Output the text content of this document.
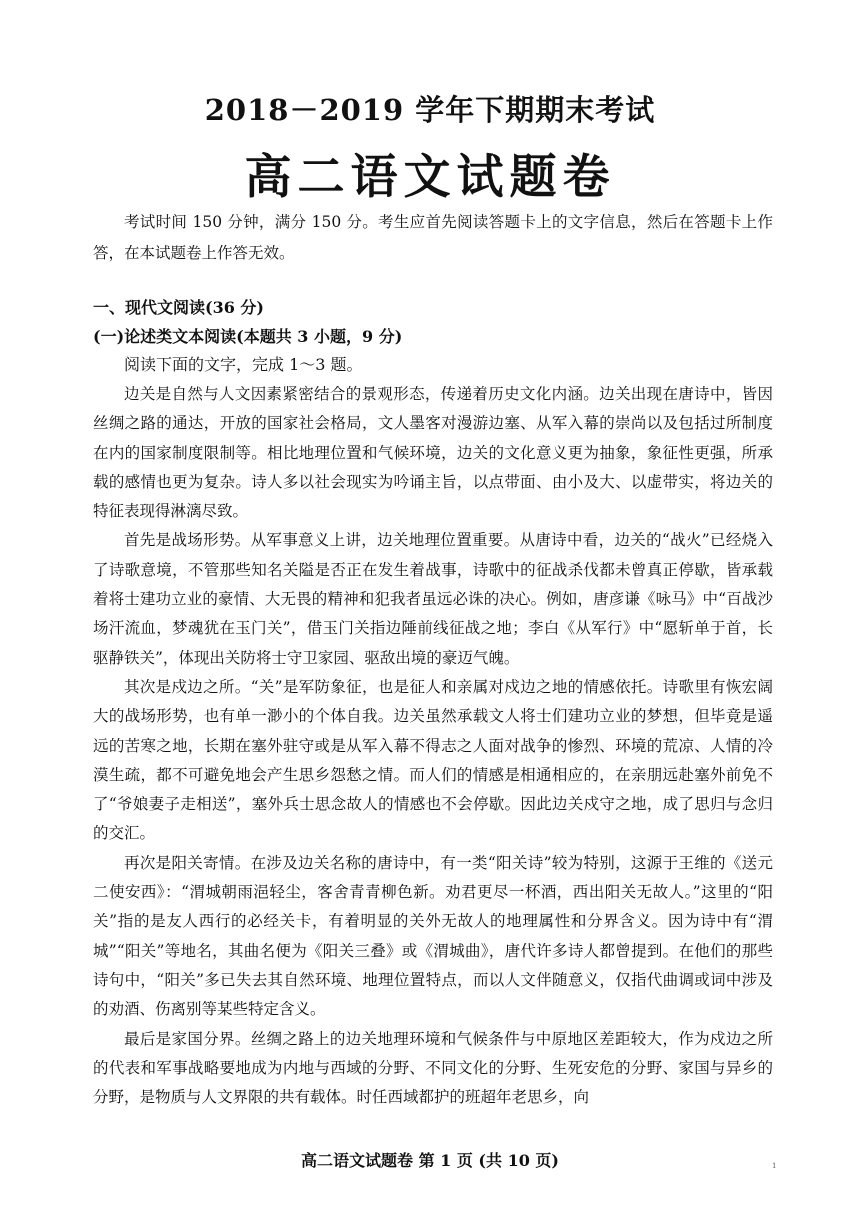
2018－2019 学年下期期末考试
高二语文试题卷
考试时间 150 分钟，满分 150 分。考生应首先阅读答题卡上的文字信息，然后在答题卡上作答，在本试题卷上作答无效。
一、现代文阅读(36 分)
(一)论述类文本阅读(本题共 3 小题，9 分)
阅读下面的文字，完成 1～3 题。

边关是自然与人文因素紧密结合的景观形态，传递着历史文化内涵。边关出现在唐诗中，皆因丝绸之路的通达，开放的国家社会格局，文人墨客对漫游边塞、从军入幕的崇尚以及包括过所制度在内的国家制度限制等。相比地理位置和气候环境，边关的文化意义更为抽象，象征性更强，所承载的感情也更为复杂。诗人多以社会现实为吟诵主旨，以点带面、由小及大、以虚带实，将边关的特征表现得淋漓尽致。

首先是战场形势。从军事意义上讲，边关地理位置重要。从唐诗中看，边关的“战火”已经烧入了诗歌意境，不管那些知名关隘是否正在发生着战事，诗歌中的征战杀伐都未曾真正停歇，皆承载着将士建功立业的豪情、大无畏的精神和犯我者虽远必诛的决心。例如，唐彦谦《咏马》中“百战沙场汗流血，梦魂犹在玉门关”，借玉门关指边陲前线征战之地；李白《从军行》中“愿斩单于首，长驱静铁关”，体现出关防将士守卫家园、驱敌出境的豪迈气魄。

其次是戍边之所。“关”是军防象征，也是征人和亲属对戍边之地的情感依托。诗歌里有恢宏阔大的战场形势，也有单一渺小的个体自我。边关虽然承载文人将士们建功立业的梦想，但毕竟是遥远的苦寒之地，长期在塞外驻守或是从军入幕不得志之人面对战争的惨烈、环境的荒凉、人情的冷漠生疏，都不可避免地会产生思乡怨愁之情。而人们的情感是相通相应的，在亲朋远赴塞外前免不了“爷娘妻子走相送”，塞外兵士思念故人的情感也不会停歇。因此边关戍守之地，成了思归与念归的交汇。

再次是阳关寄情。在涉及边关名称的唐诗中，有一类“阳关诗”较为特别，这源于王维的《送元二使安西》：“渭城朝雨浥轻尘，客舍青青柳色新。劝君更尽一杯酒，西出阳关无故人。”这里的“阳关”指的是友人西行的必经关卡，有着明显的关外无故人的地理属性和分界含义。因为诗中有“渭城”“阳关”等地名，其曲名便为《阳关三叠》或《渭城曲》，唐代许多诗人都曾提到。在他们的那些诗句中，“阳关”多已失去其自然环境、地理位置特点，而以人文伴随意义，仅指代曲调或词中涉及的劝酒、伤离别等某些特定含义。

最后是家国分界。丝绸之路上的边关地理环境和气候条件与中原地区差距较大，作为戍边之所的代表和军事战略要地成为内地与西域的分野、不同文化的分野、生死安危的分野、家国与异乡的分野，是物质与人文界限的共有载体。时任西域都护的班超年老思乡，向

高二语文试题卷 第 1 页 (共 10 页)	1
